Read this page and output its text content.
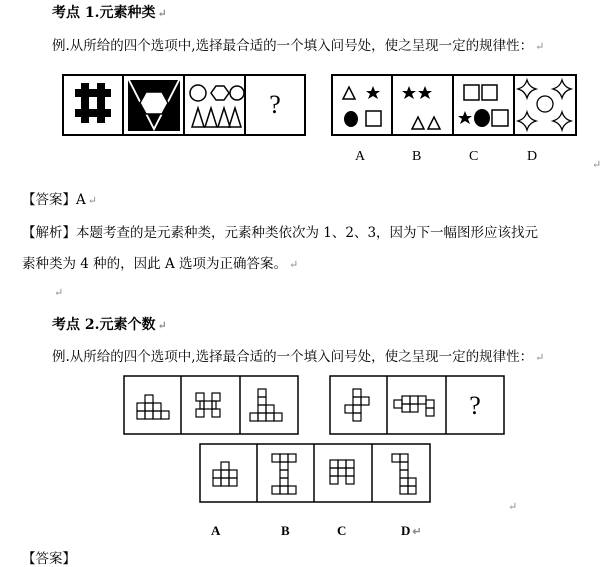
考点 1.元素种类 ↵
例.从所给的四个选项中,选择最合适的一个填入问号处，使之呈现一定的规律性： ↵
?
A	B	C	D
↵
【答案】A ↵
【解析】本题考查的是元素种类，元素种类依次为 1、2、3，因为下一幅图形应该找元
素种类为 4 种的，因此 A 选项为正确答案。 ↵
↵
考点 2.元素个数 ↵
例.从所给的四个选项中,选择最合适的一个填入问号处，使之呈现一定的规律性： ↵
?
A	B	C	D ↵
↵
【答案】
